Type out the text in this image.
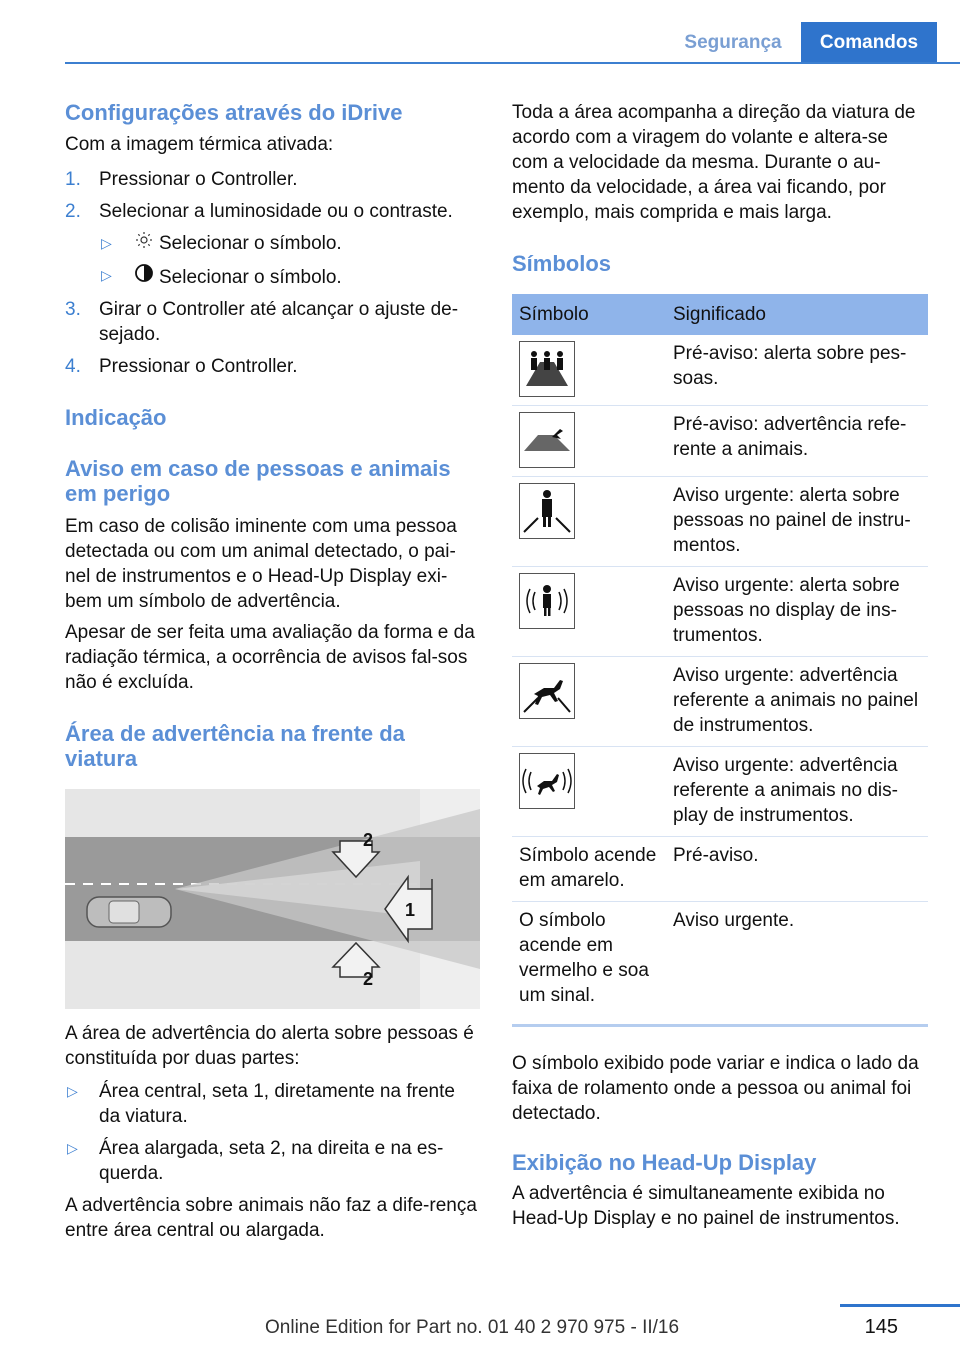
Segurança	Comandos
Configurações através do iDrive

Com a imagem térmica ativada:

1. Pressionar o Controller.
2. Selecionar a luminosidade ou o contraste.
▷ Selecionar o símbolo.
▷ Selecionar o símbolo.
3. Girar o Controller até alcançar o ajuste de-sejado.
4. Pressionar o Controller.
Indicação
Aviso em caso de pessoas e animais em perigo

Em caso de colisão iminente com uma pessoa detectada ou com um animal detectado, o pai-nel de instrumentos e o Head-Up Display exi-bem um símbolo de advertência.

Apesar de ser feita uma avaliação da forma e da radiação térmica, a ocorrência de avisos fal-sos não é excluída.

Área de advertência na frente da viatura
2
1
2

A área de advertência do alerta sobre pessoas é constituída por duas partes:

▷ Área central, seta 1, diretamente na frente da viatura.
▷ Área alargada, seta 2, na direita e na es-querda.

A advertência sobre animais não faz a dife-rença entre área central ou alargada.

Toda a área acompanha a direção da viatura de acordo com a viragem do volante e altera-se com a velocidade da mesma. Durante o au-mento da velocidade, a área vai ficando, por exemplo, mais comprida e mais larga.

Símbolos
Símbolo	Significado

	Pré-aviso: alerta sobre pes-soas.

	Pré-aviso: advertência refe-rente a animais.

	Aviso urgente: alerta sobre pessoas no painel de instru-mentos.

	Aviso urgente: alerta sobre pessoas no display de ins-trumentos.

	Aviso urgente: advertência referente a animais no painel de instrumentos.

	Aviso urgente: advertência referente a animais no dis-play de instrumentos.
Símbolo acende em amarelo.	Pré-aviso.
O símbolo acende em vermelho e soa um sinal.	Aviso urgente.

O símbolo exibido pode variar e indica o lado da faixa de rolamento onde a pessoa ou animal foi detectado.

Exibição no Head-Up Display

A advertência é simultaneamente exibida no Head-Up Display e no painel de instrumentos.

145
Online Edition for Part no. 01 40 2 970 975 - II/16
